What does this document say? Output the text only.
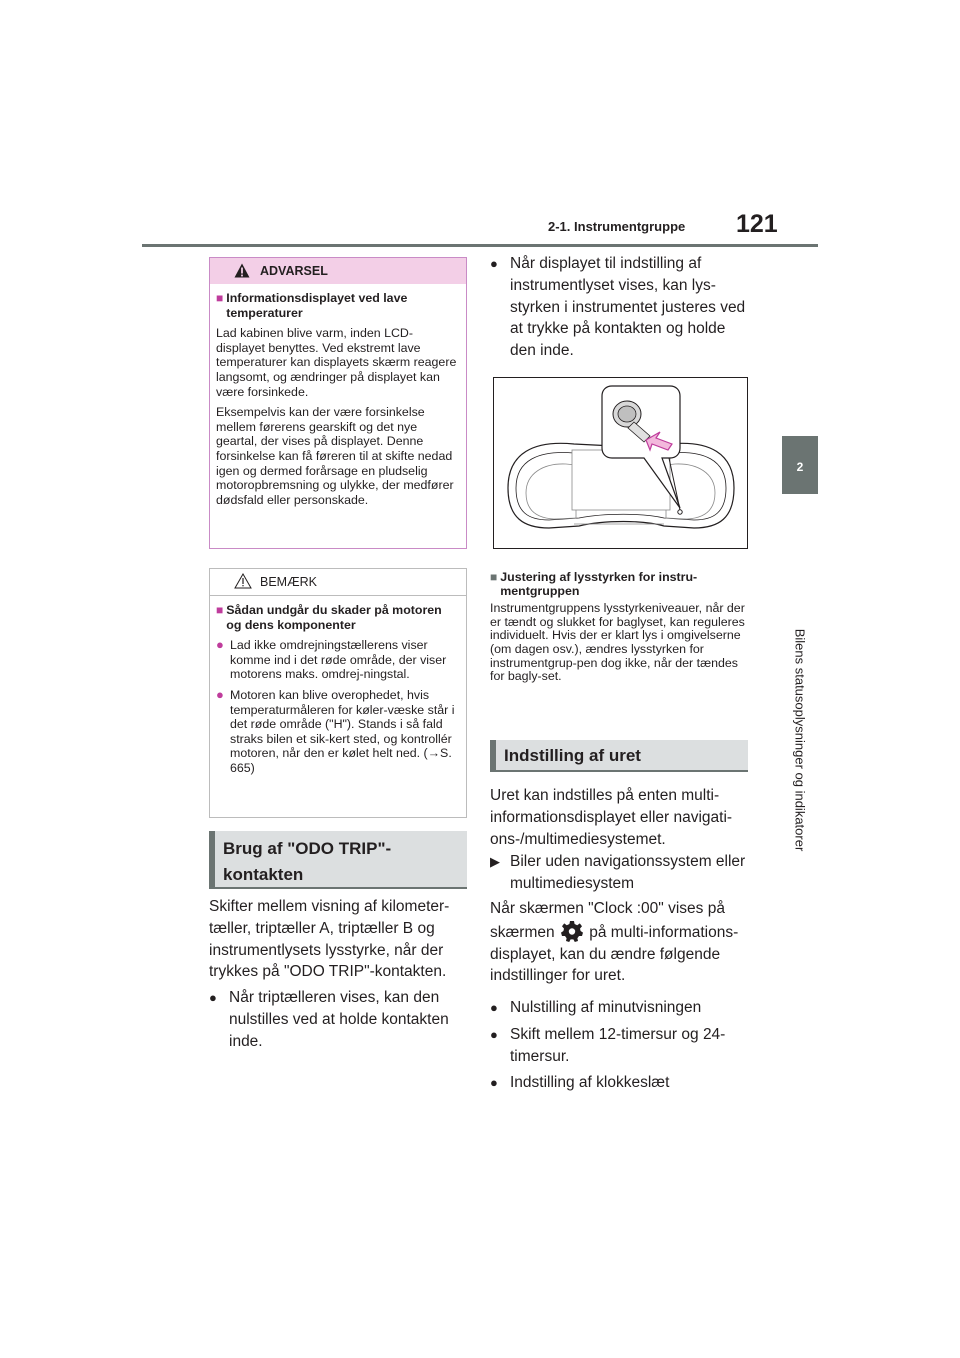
2-1. Instrumentgruppe 121
2
Bilens statusoplysninger og indikatorer
ADVARSEL
■ Informationsdisplayet ved lave temperaturer
Lad kabinen blive varm, inden LCD-displayet benyttes. Ved ekstremt lave temperaturer kan displayets skærm reagere langsomt, og ændringer på displayet kan være forsinkede.
Eksempelvis kan der være forsinkelse mellem førerens gearskift og det nye geartal, der vises på displayet. Denne forsinkelse kan få føreren til at skifte nedad igen og dermed forårsage en pludselig motoropbremsning og ulykke, der medfører dødsfald eller personskade.
BEMÆRK
■ Sådan undgår du skader på motoren og dens komponenter
● Lad ikke omdrejningstællerens viser komme ind i det røde område, der viser motorens maks. omdrej-ningstal.
● Motoren kan blive overophedet, hvis temperaturmåleren for køler-væske står i det røde område ("H"). Stands i så fald straks bilen et sik-kert sted, og kontrollér motoren, når den er kølet helt ned. (→S. 665)
Brug af "ODO TRIP"-kontakten
Skifter mellem visning af kilometer-tæller, triptæller A, triptæller B og instrumentlysets lysstyrke, når der trykkes på "ODO TRIP"-kontakten.
● Når triptælleren vises, kan den nulstilles ved at holde kontakten inde.
● Når displayet til indstilling af instrumentlyset vises, kan lys-styrken i instrumentet justeres ved at trykke på kontakten og holde den inde.
■ Justering af lysstyrken for instru-mentgruppen
Instrumentgruppens lysstyrkeniveauer, når der er tændt og slukket for baglyset, kan reguleres individuelt. Hvis der er klart lys i omgivelserne (om dagen osv.), ændres lysstyrken for instrumentgrup-pen dog ikke, når der tændes for bagly-set.
Indstilling af uret
Uret kan indstilles på enten multi-informationsdisplayet eller navigati-ons-/multimediesystemet.
▶ Biler uden navigationssystem eller multimediesystem
Når skærmen "Clock :00" vises på skærmen på multi-informations-displayet, kan du ændre følgende indstillinger for uret.
● Nulstilling af minutvisningen
● Skift mellem 12-timersur og 24-timersur.
● Indstilling af klokkeslæt
